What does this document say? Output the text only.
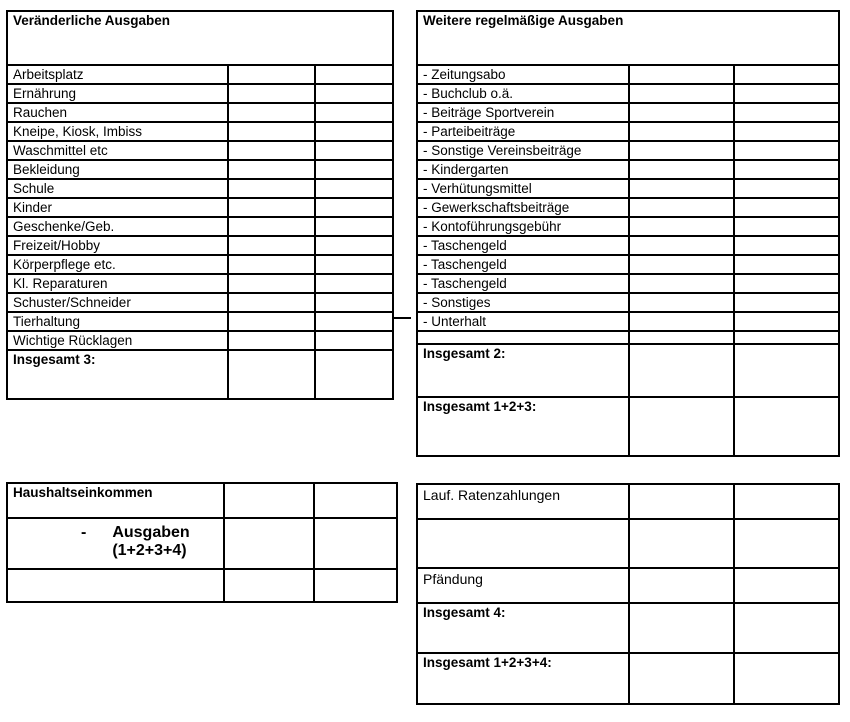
Veränderliche Ausgaben		
Arbeitsplatz		
Ernährung		
Rauchen		
Kneipe, Kiosk, Imbiss		
Waschmittel etc		
Bekleidung		
Schule		
Kinder		
Geschenke/Geb.		
Freizeit/Hobby		
Körperpflege etc.		
Kl. Reparaturen		
Schuster/Schneider		
Tierhaltung		
Wichtige Rücklagen		
Insgesamt 3:		
Weitere regelmäßige Ausgaben		
- Zeitungsabo		
- Buchclub o.ä.		
- Beiträge Sportverein		
- Parteibeiträge		
- Sonstige Vereinsbeiträge		
- Kindergarten		
- Verhütungsmittel		
- Gewerkschaftsbeiträge		
- Kontoführungsgebühr		
- Taschengeld		
- Taschengeld		
- Taschengeld		
- Sonstiges		
- Unterhalt		

Insgesamt 2:		
Insgesamt 1+2+3:		
Haushaltseinkommen		

- Ausgaben
(1+2+3+4)		

Lauf. Ratenzahlungen		

Pfändung		
Insgesamt 4:		
Insgesamt 1+2+3+4:		
